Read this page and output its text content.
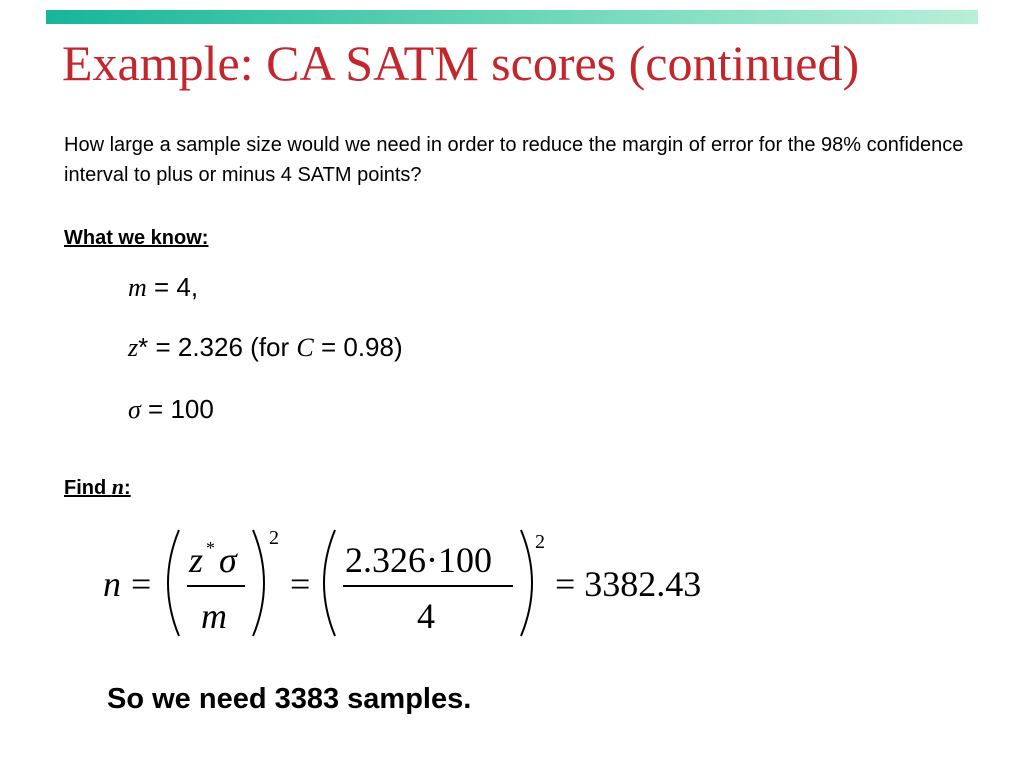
Example: CA SATM scores (continued)

How large a sample size would we need in order to reduce the margin of error for the 98% confidence interval to plus or minus 4 SATM points?

What we know:
m = 4,
z* = 2.326 (for C = 0.98)
σ = 100
Find n:
n =
z * σ
m
2
=
2.326·100
4
2
= 3382.43
So we need 3383 samples.
